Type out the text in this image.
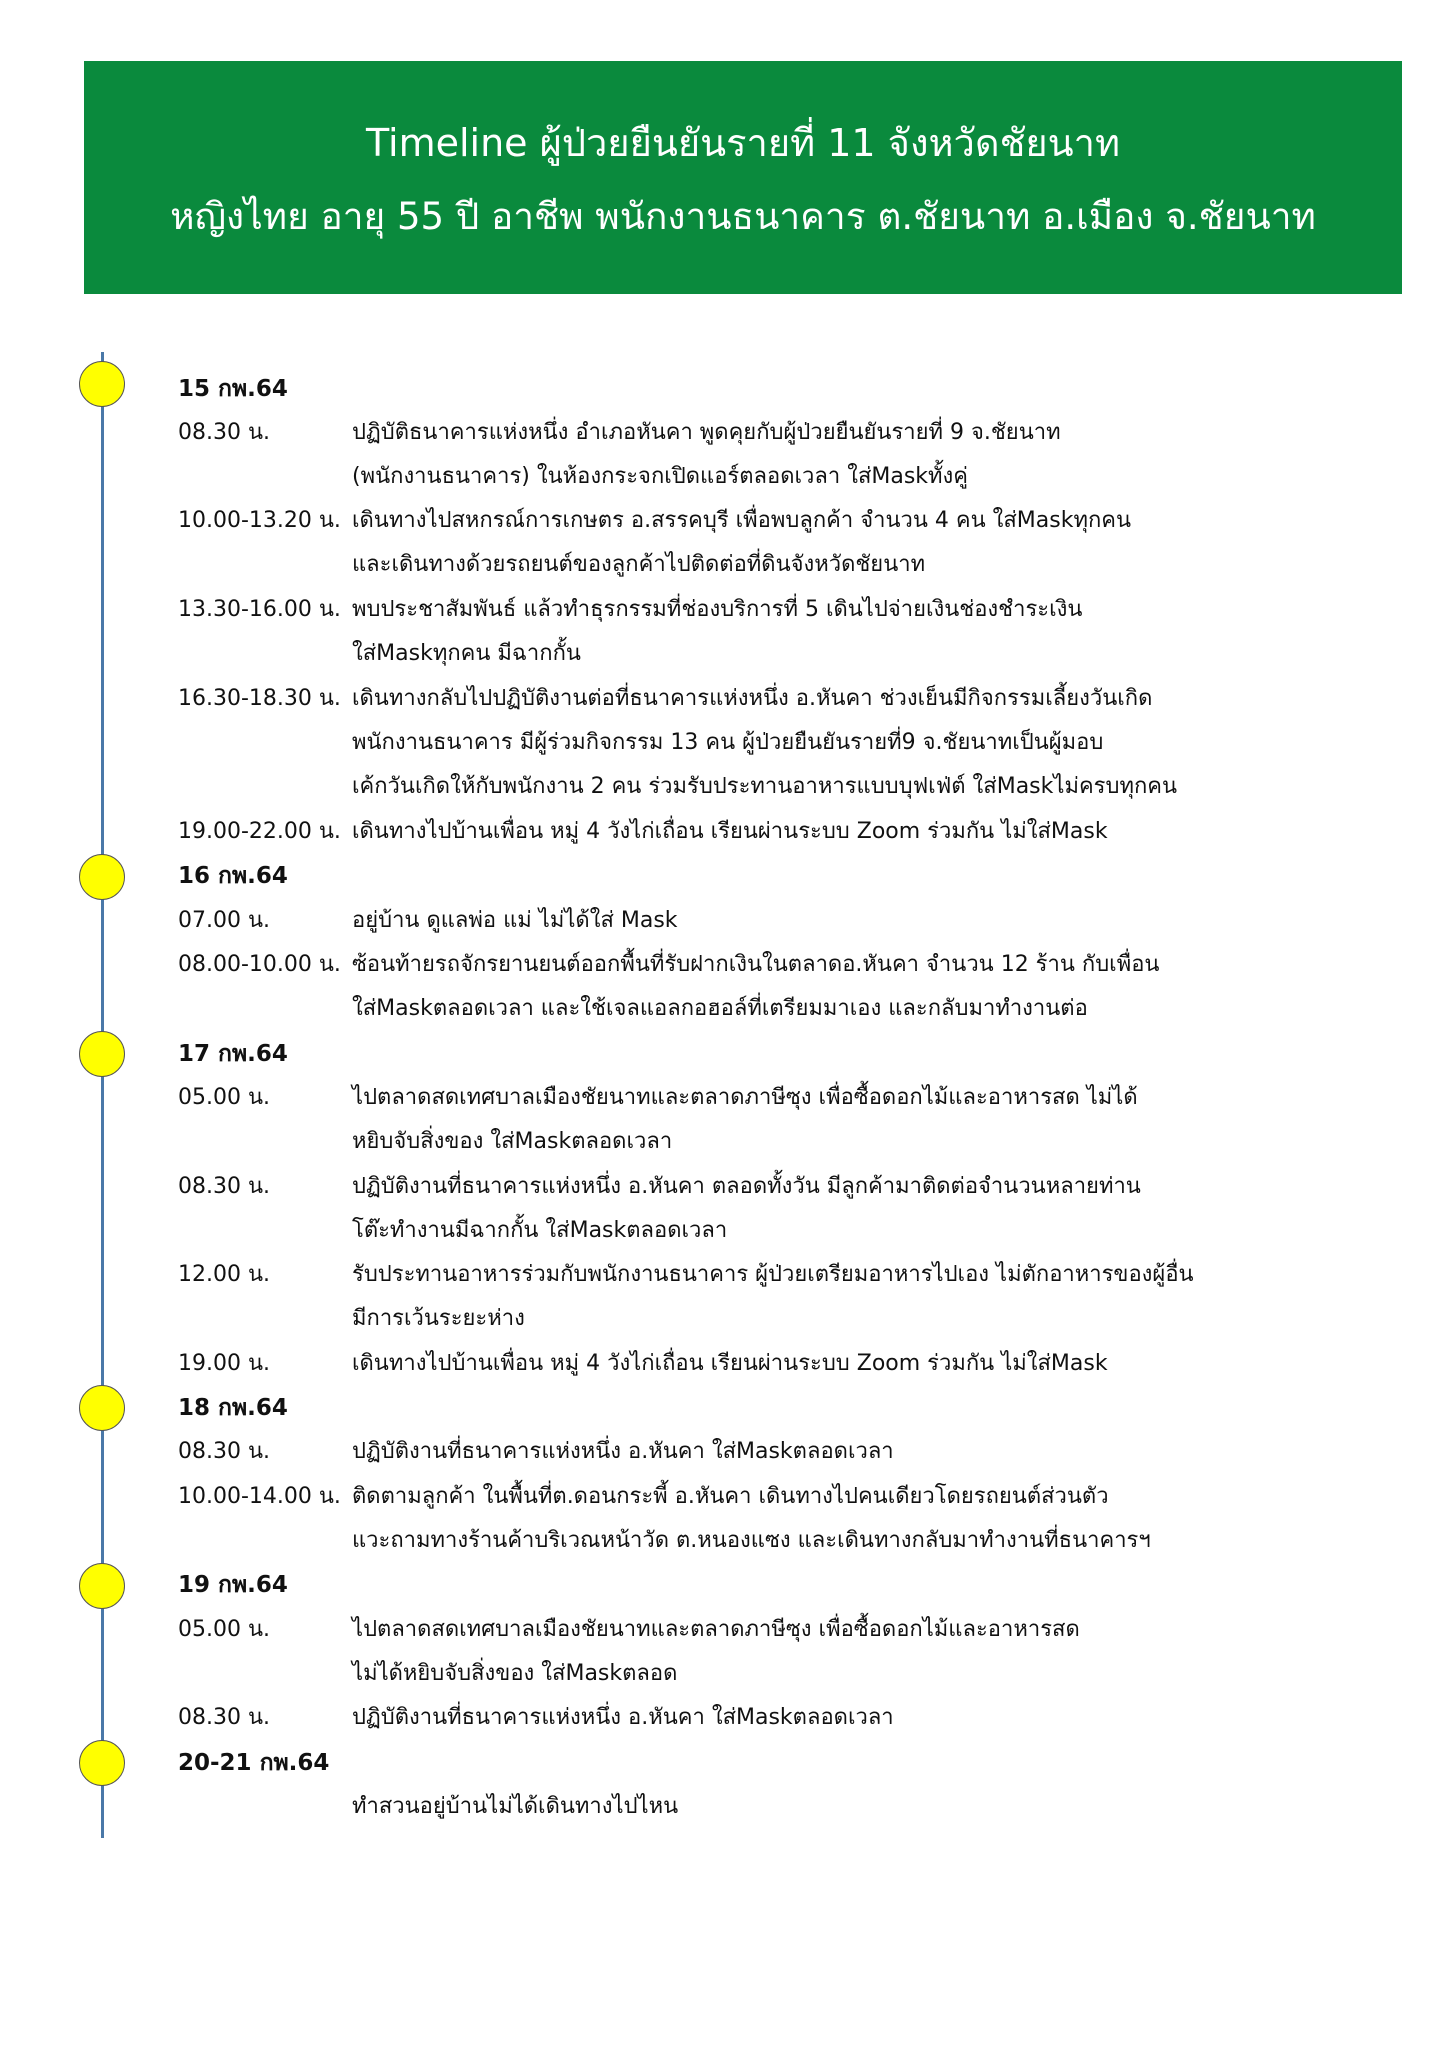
Timeline ผู้ป่วยยืนยันรายที่ 11 จังหวัดชัยนาท
หญิงไทย อายุ 55 ปี อาชีพ พนักงานธนาคาร ต.ชัยนาท อ.เมือง จ.ชัยนาท
15 กพ.64
08.30 น.	ปฏิบัติธนาคารแห่งหนึ่ง อำเภอหันคา พูดคุยกับผู้ป่วยยืนยันรายที่ 9 จ.ชัยนาท
(พนักงานธนาคาร) ในห้องกระจกเปิดแอร์ตลอดเวลา ใส่Maskทั้งคู่
10.00-13.20 น. เดินทางไปสหกรณ์การเกษตร อ.สรรคบุรี เพื่อพบลูกค้า จำนวน 4 คน ใส่Maskทุกคน
และเดินทางด้วยรถยนต์ของลูกค้าไปติดต่อที่ดินจังหวัดชัยนาท
13.30-16.00 น. พบประชาสัมพันธ์ แล้วทำธุรกรรมที่ช่องบริการที่ 5 เดินไปจ่ายเงินช่องชำระเงิน
ใส่Maskทุกคน มีฉากกั้น
16.30-18.30 น. เดินทางกลับไปปฏิบัติงานต่อที่ธนาคารแห่งหนึ่ง อ.หันคา ช่วงเย็นมีกิจกรรมเลี้ยงวันเกิด
พนักงานธนาคาร มีผู้ร่วมกิจกรรม 13 คน ผู้ป่วยยืนยันรายที่9 จ.ชัยนาทเป็นผู้มอบ
เค้กวันเกิดให้กับพนักงาน 2 คน ร่วมรับประทานอาหารแบบบุฟเฟ่ต์ ใส่Maskไม่ครบทุกคน
19.00-22.00 น. เดินทางไปบ้านเพื่อน หมู่ 4 วังไก่เถื่อน เรียนผ่านระบบ Zoom ร่วมกัน ไม่ใส่Mask
16 กพ.64
07.00 น.	อยู่บ้าน ดูแลพ่อ แม่ ไม่ได้ใส่ Mask
08.00-10.00 น. ซ้อนท้ายรถจักรยานยนต์ออกพื้นที่รับฝากเงินในตลาดอ.หันคา จำนวน 12 ร้าน กับเพื่อน
ใส่Maskตลอดเวลา และใช้เจลแอลกอฮอล์ที่เตรียมมาเอง และกลับมาทำงานต่อ
17 กพ.64
05.00 น.	ไปตลาดสดเทศบาลเมืองชัยนาทและตลาดภาษีซุง เพื่อซื้อดอกไม้และอาหารสด ไม่ได้
หยิบจับสิ่งของ ใส่Maskตลอดเวลา
08.30 น.	ปฏิบัติงานที่ธนาคารแห่งหนึ่ง อ.หันคา ตลอดทั้งวัน มีลูกค้ามาติดต่อจำนวนหลายท่าน
โต๊ะทำงานมีฉากกั้น ใส่Maskตลอดเวลา
12.00 น.	รับประทานอาหารร่วมกับพนักงานธนาคาร ผู้ป่วยเตรียมอาหารไปเอง ไม่ตักอาหารของผู้อื่น
มีการเว้นระยะห่าง
19.00 น.	เดินทางไปบ้านเพื่อน หมู่ 4 วังไก่เถื่อน เรียนผ่านระบบ Zoom ร่วมกัน ไม่ใส่Mask
18 กพ.64
08.30 น.	ปฏิบัติงานที่ธนาคารแห่งหนึ่ง อ.หันคา ใส่Maskตลอดเวลา
10.00-14.00 น. ติดตามลูกค้า ในพื้นที่ต.ดอนกระพี้ อ.หันคา เดินทางไปคนเดียวโดยรถยนต์ส่วนตัว
แวะถามทางร้านค้าบริเวณหน้าวัด ต.หนองแซง และเดินทางกลับมาทำงานที่ธนาคารฯ
19 กพ.64
05.00 น.	ไปตลาดสดเทศบาลเมืองชัยนาทและตลาดภาษีซุง เพื่อซื้อดอกไม้และอาหารสด
ไม่ได้หยิบจับสิ่งของ ใส่Maskตลอด
08.30 น.	ปฏิบัติงานที่ธนาคารแห่งหนึ่ง อ.หันคา ใส่Maskตลอดเวลา
20-21 กพ.64
ทำสวนอยู่บ้านไม่ได้เดินทางไปไหน
